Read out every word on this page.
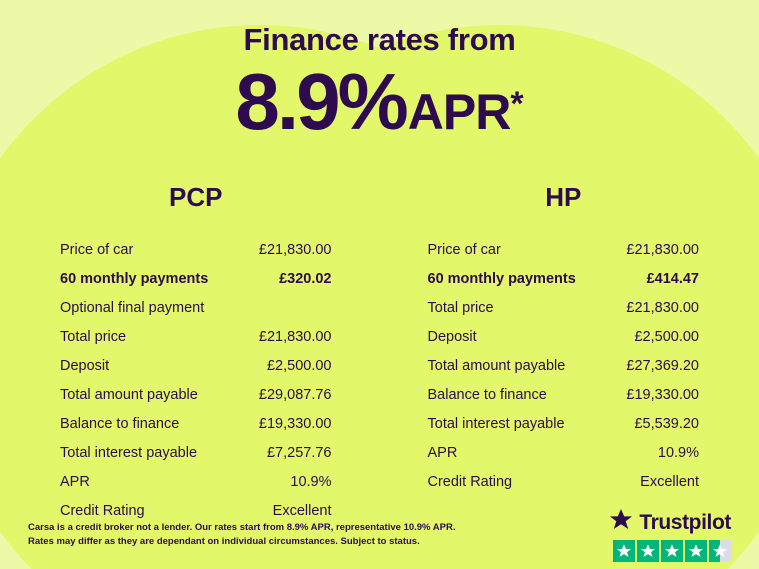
Finance rates from
8.9% APR *
PCP
Price of car	£21,830.00
60 monthly payments	£320.02
Optional final payment
Total price	£21,830.00
Deposit	£2,500.00
Total amount payable	£29,087.76
Balance to finance	£19,330.00
Total interest payable	£7,257.76
APR	10.9%
Credit Rating	Excellent
HP
Price of car	£21,830.00
60 monthly payments	£414.47
Total price	£21,830.00
Deposit	£2,500.00
Total amount payable	£27,369.20
Balance to finance	£19,330.00
Total interest payable	£5,539.20
APR	10.9%
Credit Rating	Excellent
Carsa is a credit broker not a lender. Our rates start from 8.9% APR, representative 10.9% APR. Rates may differ as they are dependant on individual circumstances. Subject to status.
Trustpilot
